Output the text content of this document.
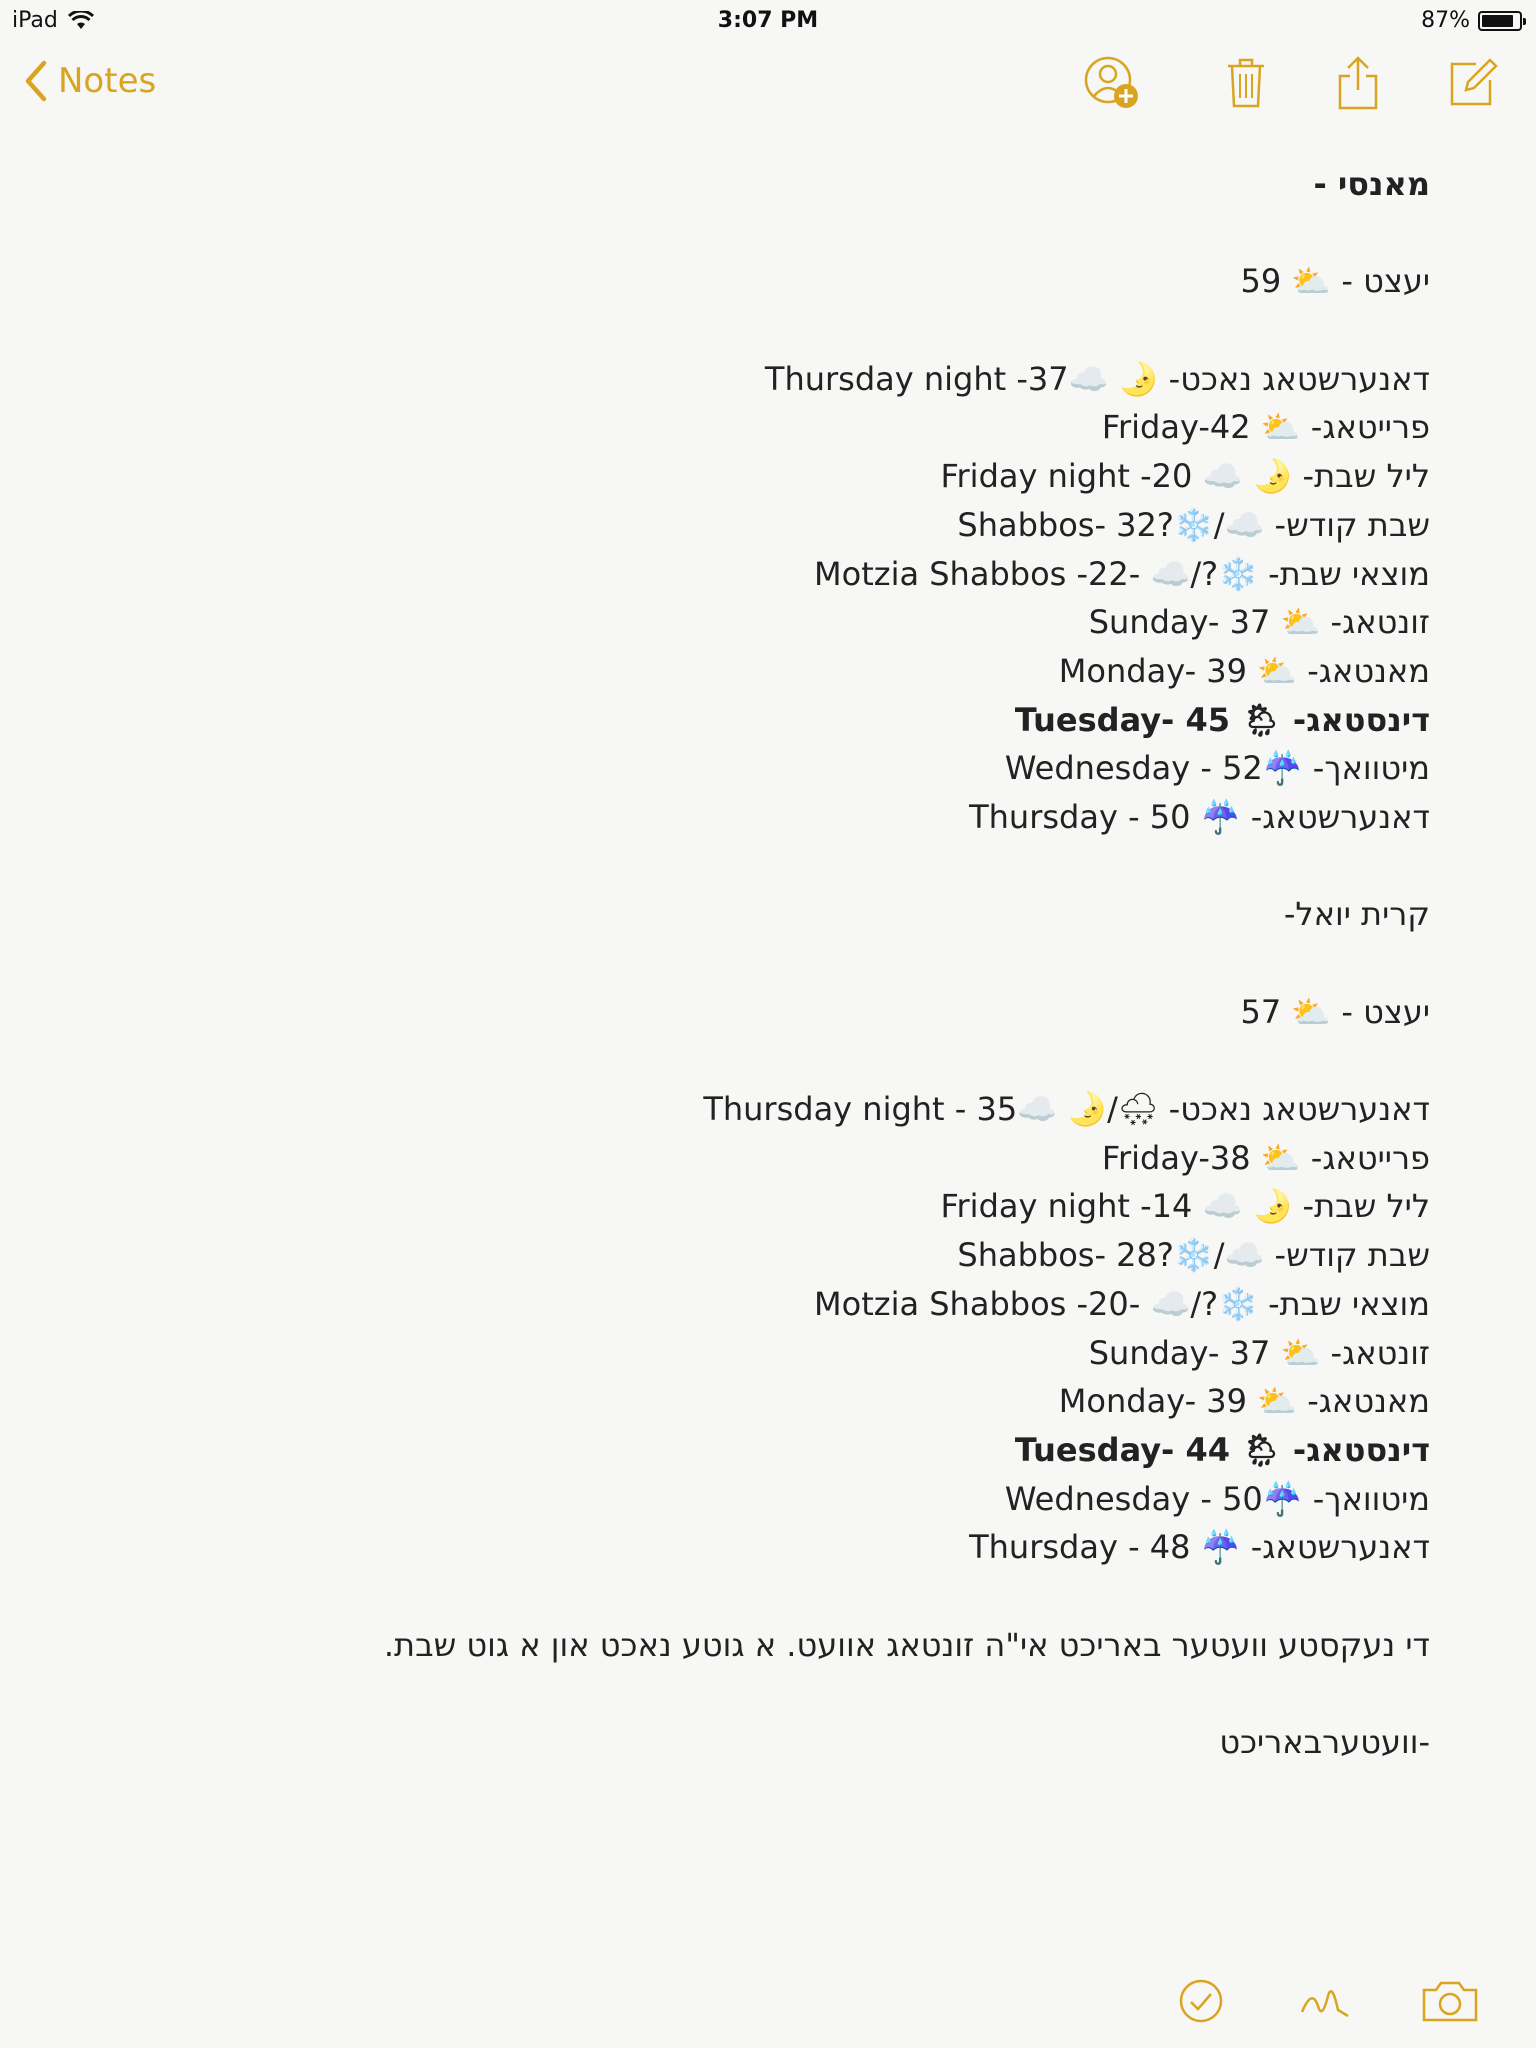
iPad	3:07 PM	87%
Notes
מאנסי -
יעצט - ⛅️ 59
דאנערשטאג נאכט- 🌛 ☁️Thursday night -37
פרייטאג- ⛅️ Friday-42
ליל שבת- 🌛 ☁️ Friday night -20
שבת קודש- ☁️/❄️?Shabbos- 32
מוצאי שבת- ❄️?/☁️ -Motzia Shabbos -22
זונטאג- ⛅️ Sunday- 37
מאנטאג- ⛅️ Monday- 39
דינסטאג- 🌦 Tuesday- 45
מיטוואך- ☔️Wednesday - 52
דאנערשטאג- ☔️ Thursday - 50
קרית יואל-
יעצט - ⛅️ 57
דאנערשטאג נאכט- 🌨/🌛 ☁️Thursday night - 35
פרייטאג- ⛅️ Friday-38
ליל שבת- 🌛 ☁️ Friday night -14
שבת קודש- ☁️/❄️?Shabbos- 28
מוצאי שבת- ❄️?/☁️ -Motzia Shabbos -20
זונטאג- ⛅️ Sunday- 37
מאנטאג- ⛅️ Monday- 39
דינסטאג- 🌦 Tuesday- 44
מיטוואך- ☔️Wednesday - 50
דאנערשטאג- ☔️ Thursday - 48
די נעקסטע וועטער באריכט אי"ה זונטאג אוועט. א גוטע נאכט און א גוט שבת.
-וועטערבאריכט
